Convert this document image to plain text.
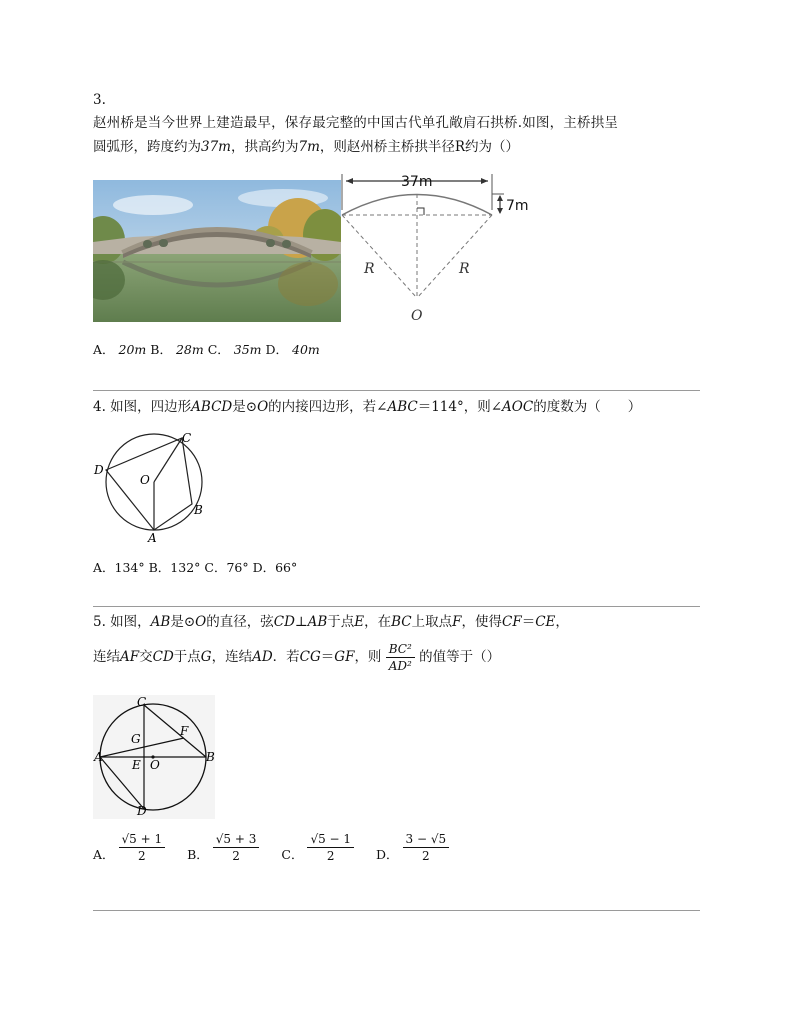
3.
赵州桥是当今世界上建造最早，保存最完整的中国古代单孔敞肩石拱桥.如图，主桥拱呈
圆弧形，跨度约为37m，拱高约为7m，则赵州桥主桥拱半径R约为（）
37m
7m
R	R
O
A． 20m B． 28m C． 35m D． 40m
4. 如图，四边形ABCD是⊙O的内接四边形，若∠ABC＝114°，则∠AOC的度数为（　　）
D
C
O
B
A
A．134° B．132° C．76° D．66°
5. 如图，AB是⊙O的直径，弦CD⊥AB于点E，在BC上取点F，使得CF＝CE，
连结AF交CD于点G，连结AD．若CG＝GF，则 $\frac{\text{BC²}}{\text{AD²}}$ 的值等于（）
C
A	B
D
G
F
E O
A． $\frac{√5 + 1}{2}$ B． $\frac{√5 + 3}{2}$ C． $\frac{√5 - 1}{2}$ D． $\frac{3 - √5}{2}$
